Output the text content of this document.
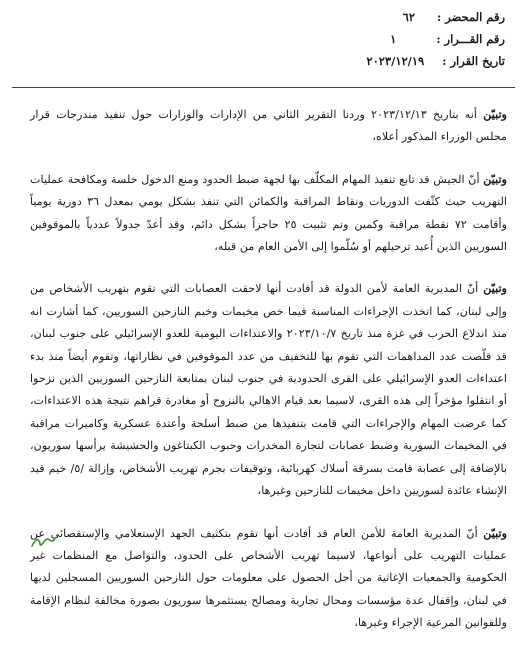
رقم المحضر :
٦٢
رقم القـــرار :
١
تاريخ القرار :
٢٠٢٣/١٢/١٩

وتبيّن أنه بتاريخ ٢٠٢٣/١٢/١٣ وردنا التقرير الثاني من الإدارات والوزارات حول تنفيذ مندرجات قرار مجلس الوزراء المذكور أعلاه،

وتبيّن أنّ الجيش قد تابع تنفيذ المهام المكلّف بها لجهة ضبط الحدود ومنع الدخول خلسة ومكافحة عمليات التهريب حيث كثّفت الدوريات ونقاط المراقبة والكمائن التي تنفذ بشكل يومي بمعدل ٣٦ دورية يومياً وأقامت ٧٢ نقطة مراقبة وكمين وتم تثبيت ٢٥ حاجزاً بشكل دائم، وقد أعدّ جدولاً عددياً بالموقوفين السوريين الذين أُعيد ترحيلهم أو سُلّموا إلى الأمن العام من قبله،

وتبيّن أنّ المديرية العامة لأمن الدولة قد أفادت أنها لاحقت العصابات التي تقوم بتهريب الأشخاص من وإلى لبنان، كما اتخذت الإجراءات المناسبة فيما خص مخيمات وخيم النازحين السوريين، كما أشارت انه منذ اندلاع الحرب في غزة منذ تاريخ ٢٠٢٣/١٠/٧ والاعتداءات اليومية للعدو الإسرائيلي على جنوب لبنان، قد قلّصت عدد المداهمات التي تقوم بها للتخفيف من عدد الموقوفين في نظاراتها، وتقوم أيضاً منذ بدء اعتداءات العدو الإسرائيلي على القرى الحدودية في جنوب لبنان بمتابعة النازحين السوريين الذين نزحوا أو انتقلوا مؤخراً إلى هذه القرى، لاسيما بعد قيام الاهالي بالنزوح أو مغادرة قراهم نتيجة هذه الاعتداءات، كما عرضت المهام والإجراءات التي قامت بتنفيذها من ضبط أسلحة وأعتدة عسكرية وكاميرات مراقبة في المخيمات السورية وضبط عصابات لتجارة المخدرات وحبوب الكبتاغون والحشيشة يرأسها سوريون، بالإضافة إلى عصابة قامت بسرقة أسلاك كهربائية، وتوقيفات بجرم تهريب الأشخاص، وإزالة /٥/ خيم قيد الإنشاء عائدة لسوريين داخل مخيمات للنازحين وغيرها،

وتبيّن أنّ المديرية العامة للأمن العام قد أفادت أنها تقوم بتكثيف الجهد الإستعلامي والإستقصائي عن عمليات التهريب على أنواعها، لاسيما تهريب الأشخاص على الحدود، والتواصل مع المنظمات غير الحكومية والجمعيات الإغاثية من أجل الحصول على معلومات حول النازحين السوريين المسجلين لديها في لبنان، وإقفال عدة مؤسسات ومحال تجارية ومصالح يستثمرها سوريون بصورة مخالفة لنظام الإقامة وللقوانين المرعية الإجراء وغيرها،
